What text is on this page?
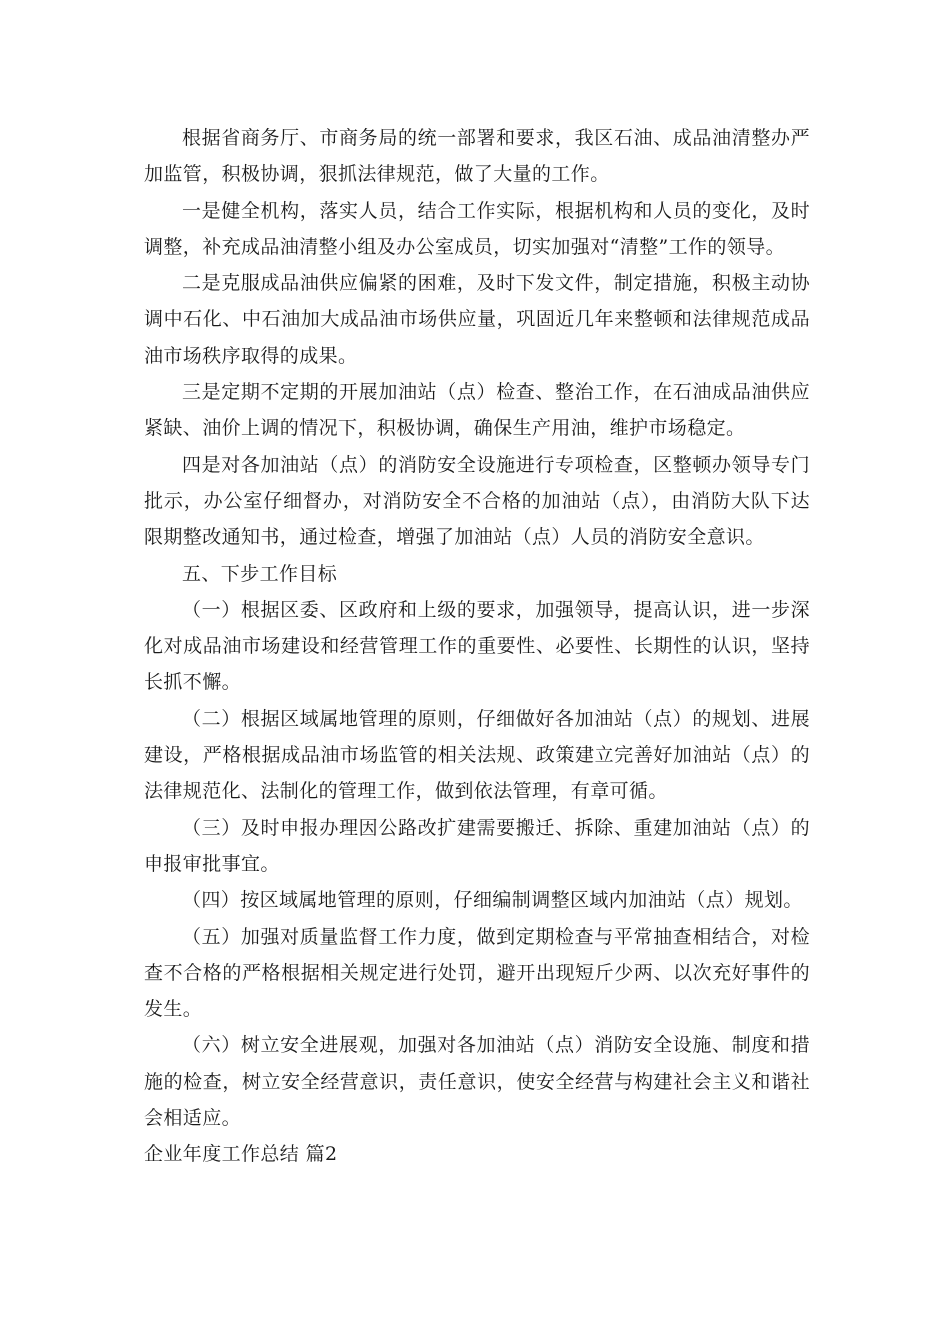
根据省商务厅、市商务局的统一部署和要求，我区石油、成品油清整办严加监管，积极协调，狠抓法律规范，做了大量的工作。

一是健全机构，落实人员，结合工作实际，根据机构和人员的变化，及时调整，补充成品油清整小组及办公室成员，切实加强对“清整”工作的领导。

二是克服成品油供应偏紧的困难，及时下发文件，制定措施，积极主动协调中石化、中石油加大成品油市场供应量，巩固近几年来整顿和法律规范成品油市场秩序取得的成果。

三是定期不定期的开展加油站（点）检查、整治工作，在石油成品油供应紧缺、油价上调的情况下，积极协调，确保生产用油，维护市场稳定。

四是对各加油站（点）的消防安全设施进行专项检查，区整顿办领导专门批示，办公室仔细督办，对消防安全不合格的加油站（点），由消防大队下达限期整改通知书，通过检查，增强了加油站（点）人员的消防安全意识。

五、下步工作目标

（一）根据区委、区政府和上级的要求，加强领导，提高认识，进一步深化对成品油市场建设和经营管理工作的重要性、必要性、长期性的认识，坚持长抓不懈。

（二）根据区域属地管理的原则，仔细做好各加油站（点）的规划、进展建设，严格根据成品油市场监管的相关法规、政策建立完善好加油站（点）的法律规范化、法制化的管理工作，做到依法管理，有章可循。

（三）及时申报办理因公路改扩建需要搬迁、拆除、重建加油站（点）的申报审批事宜。

（四）按区域属地管理的原则，仔细编制调整区域内加油站（点）规划。

（五）加强对质量监督工作力度，做到定期检查与平常抽查相结合，对检查不合格的严格根据相关规定进行处罚，避开出现短斤少两、以次充好事件的发生。

（六）树立安全进展观，加强对各加油站（点）消防安全设施、制度和措施的检查，树立安全经营意识，责任意识，使安全经营与构建社会主义和谐社会相适应。

企业年度工作总结 篇2
